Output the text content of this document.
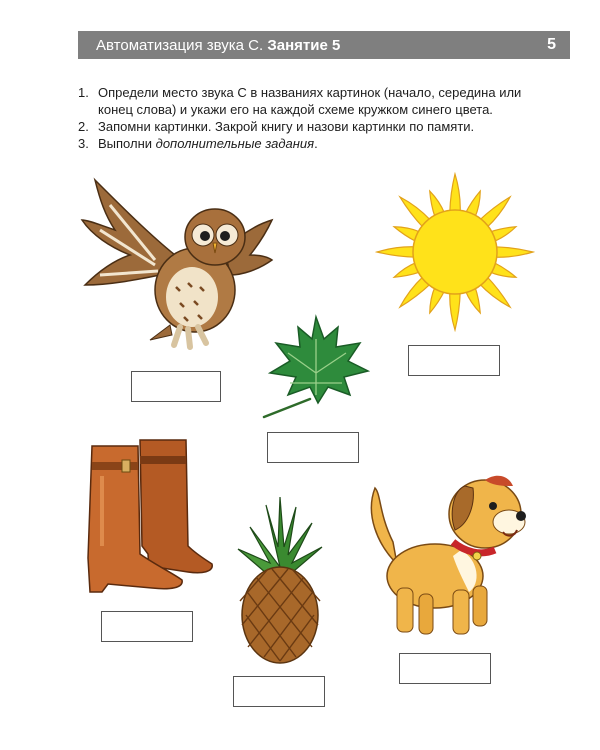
Автоматизация звука С. Занятие 5	5
1. Определи место звука С в названиях картинок (начало, середина или конец слова) и укажи его на каждой схеме кружком синего цвета.
2. Запомни картинки. Закрой книгу и назови картинки по памяти.
3. Выполни дополнительные задания.
